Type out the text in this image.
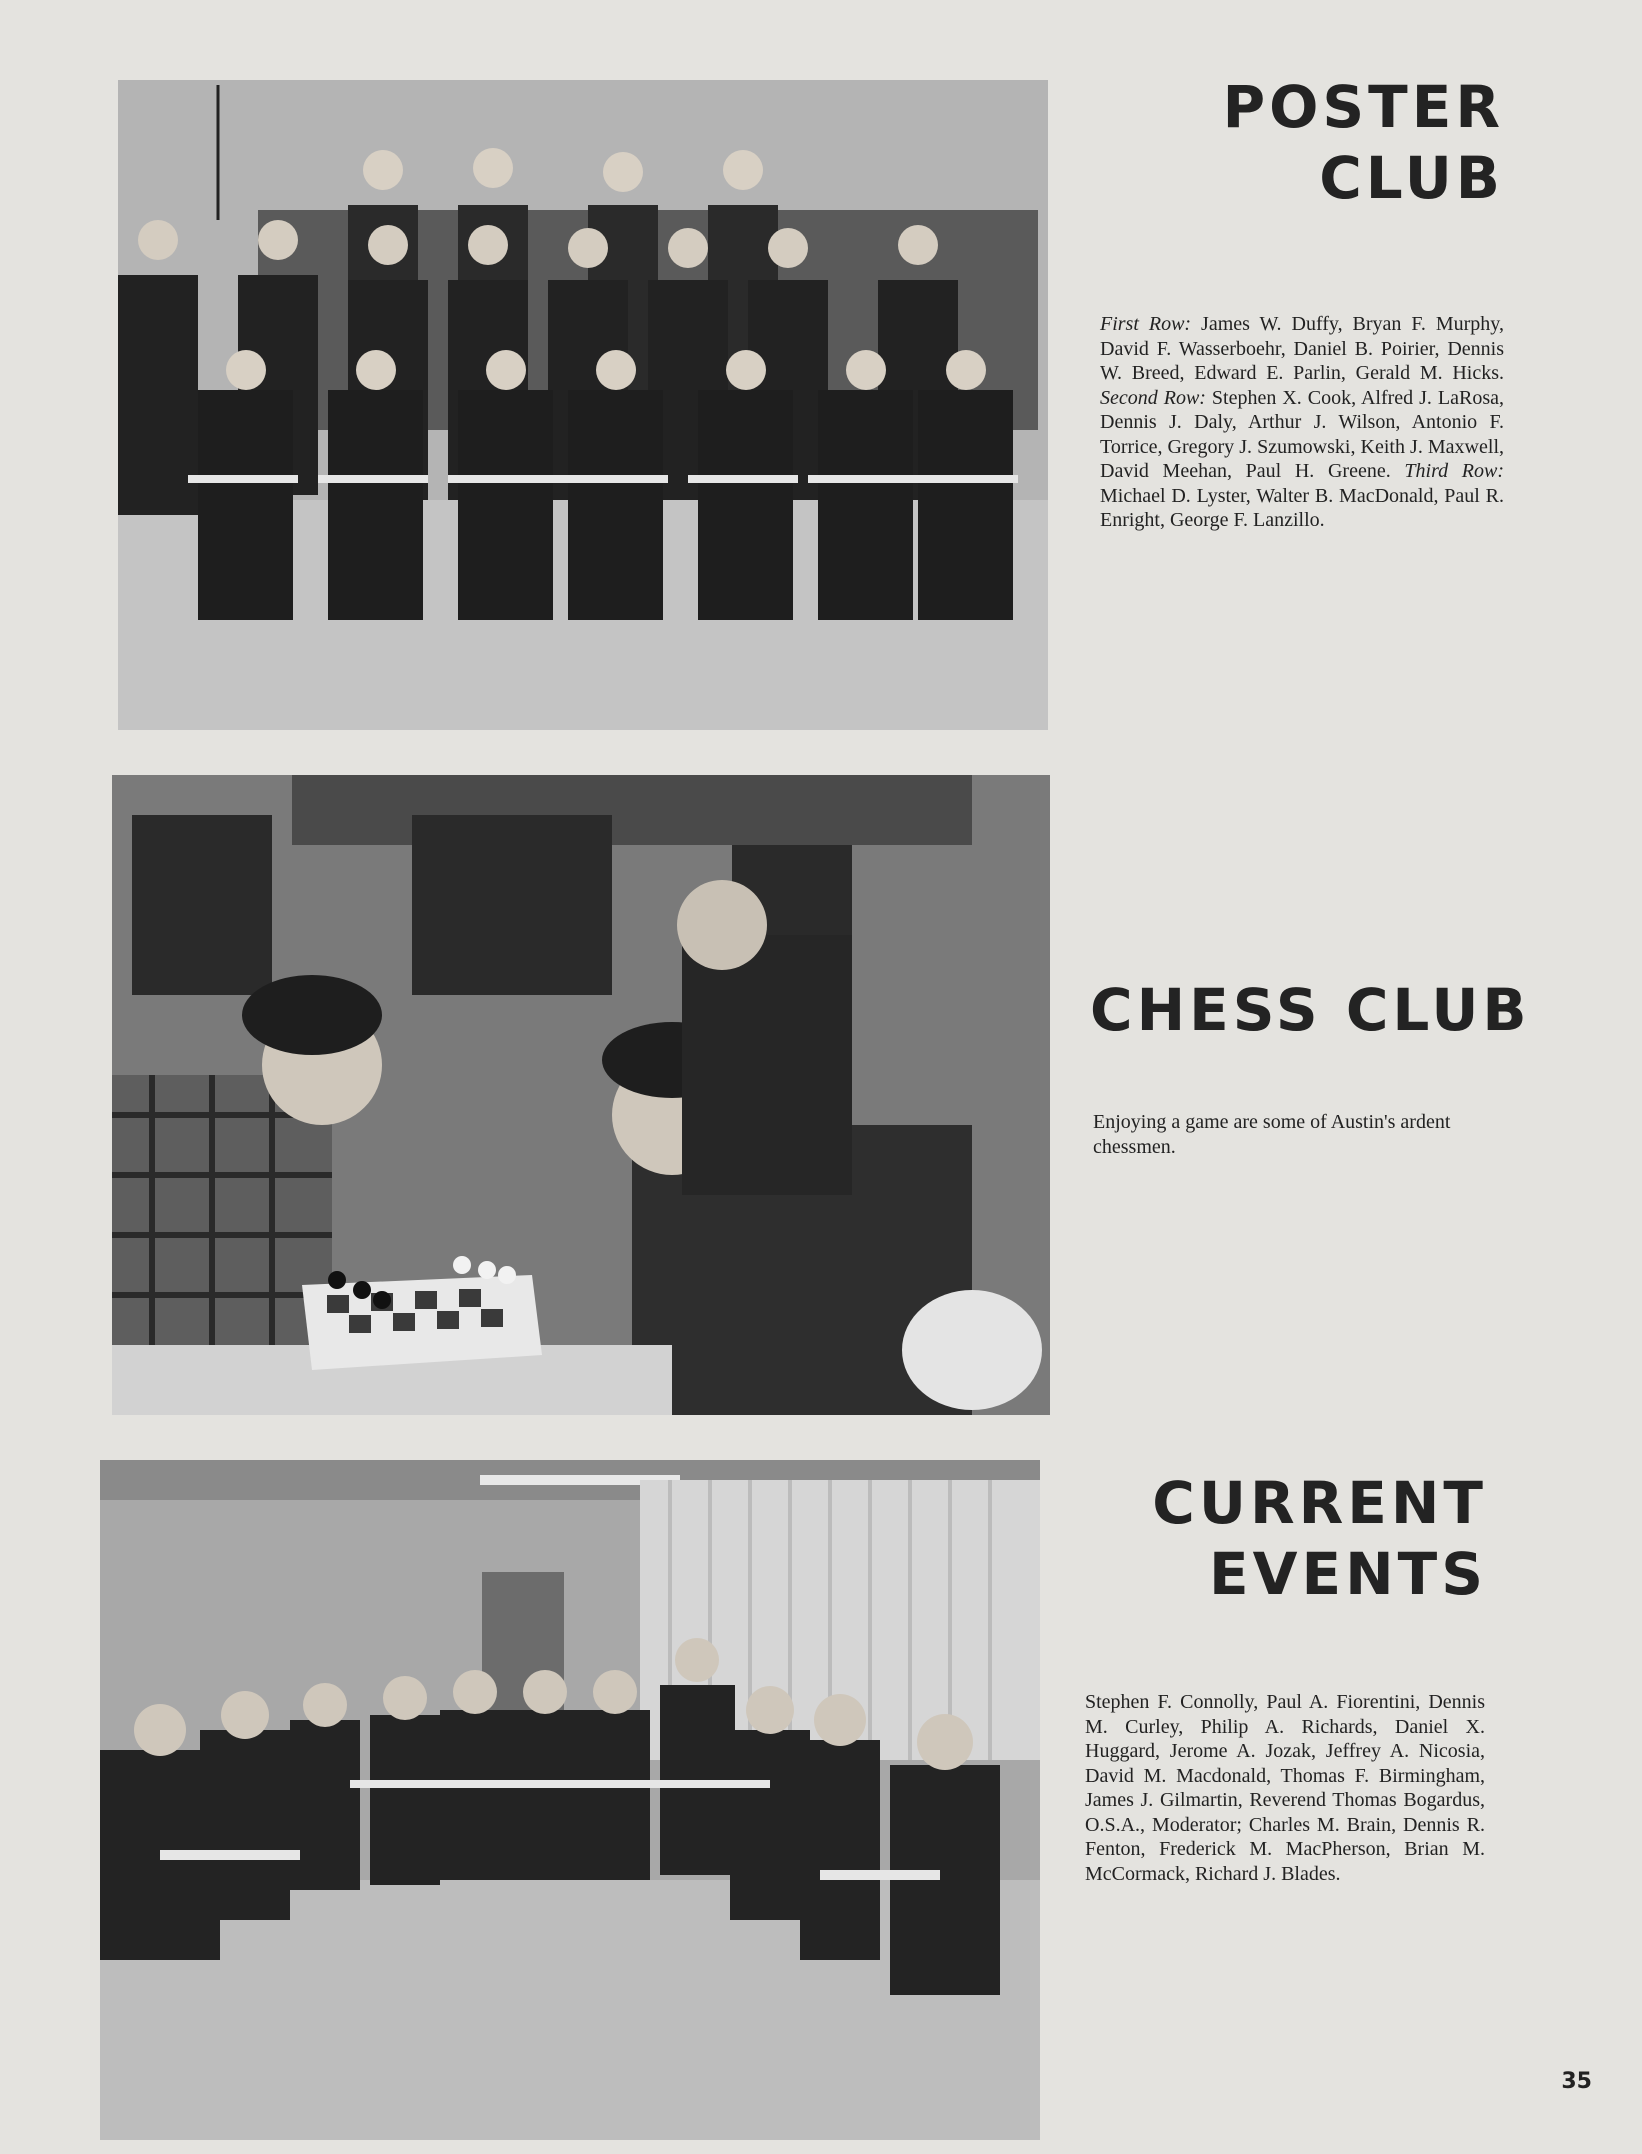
POSTER
CLUB

First Row: James W. Duffy, Bryan F. Murphy, David F. Wasserboehr, Daniel B. Poirier, Dennis W. Breed, Edward E. Parlin, Gerald M. Hicks. Second Row: Stephen X. Cook, Alfred J. LaRosa, Dennis J. Daly, Arthur J. Wilson, Antonio F. Torrice, Gregory J. Szumowski, Keith J. Maxwell, David Meehan, Paul H. Greene. Third Row: Michael D. Lyster, Walter B. MacDonald, Paul R. Enright, George F. Lanzillo.

CHESS CLUB

Enjoying a game are some of Austin's ardent chessmen.

CURRENT
EVENTS

Stephen F. Connolly, Paul A. Fiorentini, Dennis M. Curley, Philip A. Richards, Daniel X. Huggard, Jerome A. Jozak, Jeffrey A. Nicosia, David M. Macdonald, Thomas F. Birmingham, James J. Gilmartin, Reverend Thomas Bogardus, O.S.A., Moderator; Charles M. Brain, Dennis R. Fenton, Frederick M. MacPherson, Brian M. McCormack, Richard J. Blades.

35
